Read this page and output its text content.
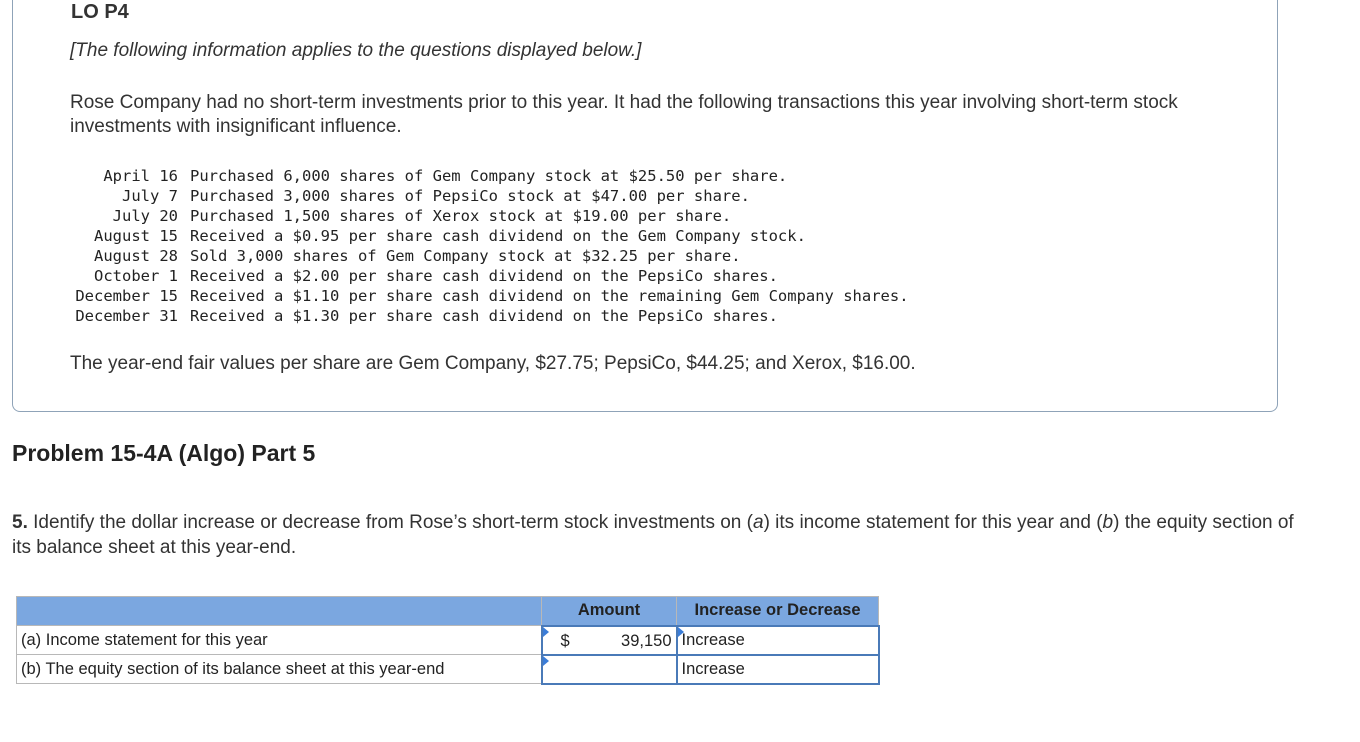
LO P4
[The following information applies to the questions displayed below.]
Rose Company had no short-term investments prior to this year. It had the following transactions this year involving short-term stock investments with insignificant influence.
April 16 Purchased 6,000 shares of Gem Company stock at $25.50 per share.
July 7 Purchased 3,000 shares of PepsiCo stock at $47.00 per share.
July 20 Purchased 1,500 shares of Xerox stock at $19.00 per share.
August 15 Received a $0.95 per share cash dividend on the Gem Company stock.
August 28 Sold 3,000 shares of Gem Company stock at $32.25 per share.
October 1 Received a $2.00 per share cash dividend on the PepsiCo shares.
December 15 Received a $1.10 per share cash dividend on the remaining Gem Company shares.
December 31 Received a $1.30 per share cash dividend on the PepsiCo shares.
The year-end fair values per share are Gem Company, $27.75; PepsiCo, $44.25; and Xerox, $16.00.
Problem 15-4A (Algo) Part 5
5. Identify the dollar increase or decrease from Rose’s short-term stock investments on (a) its income statement for this year and (b) the equity section of its balance sheet at this year-end.
	Amount	Increase or Decrease
(a) Income statement for this year	$ 39,150	Increase
(b) The equity section of its balance sheet at this year-end		Increase
